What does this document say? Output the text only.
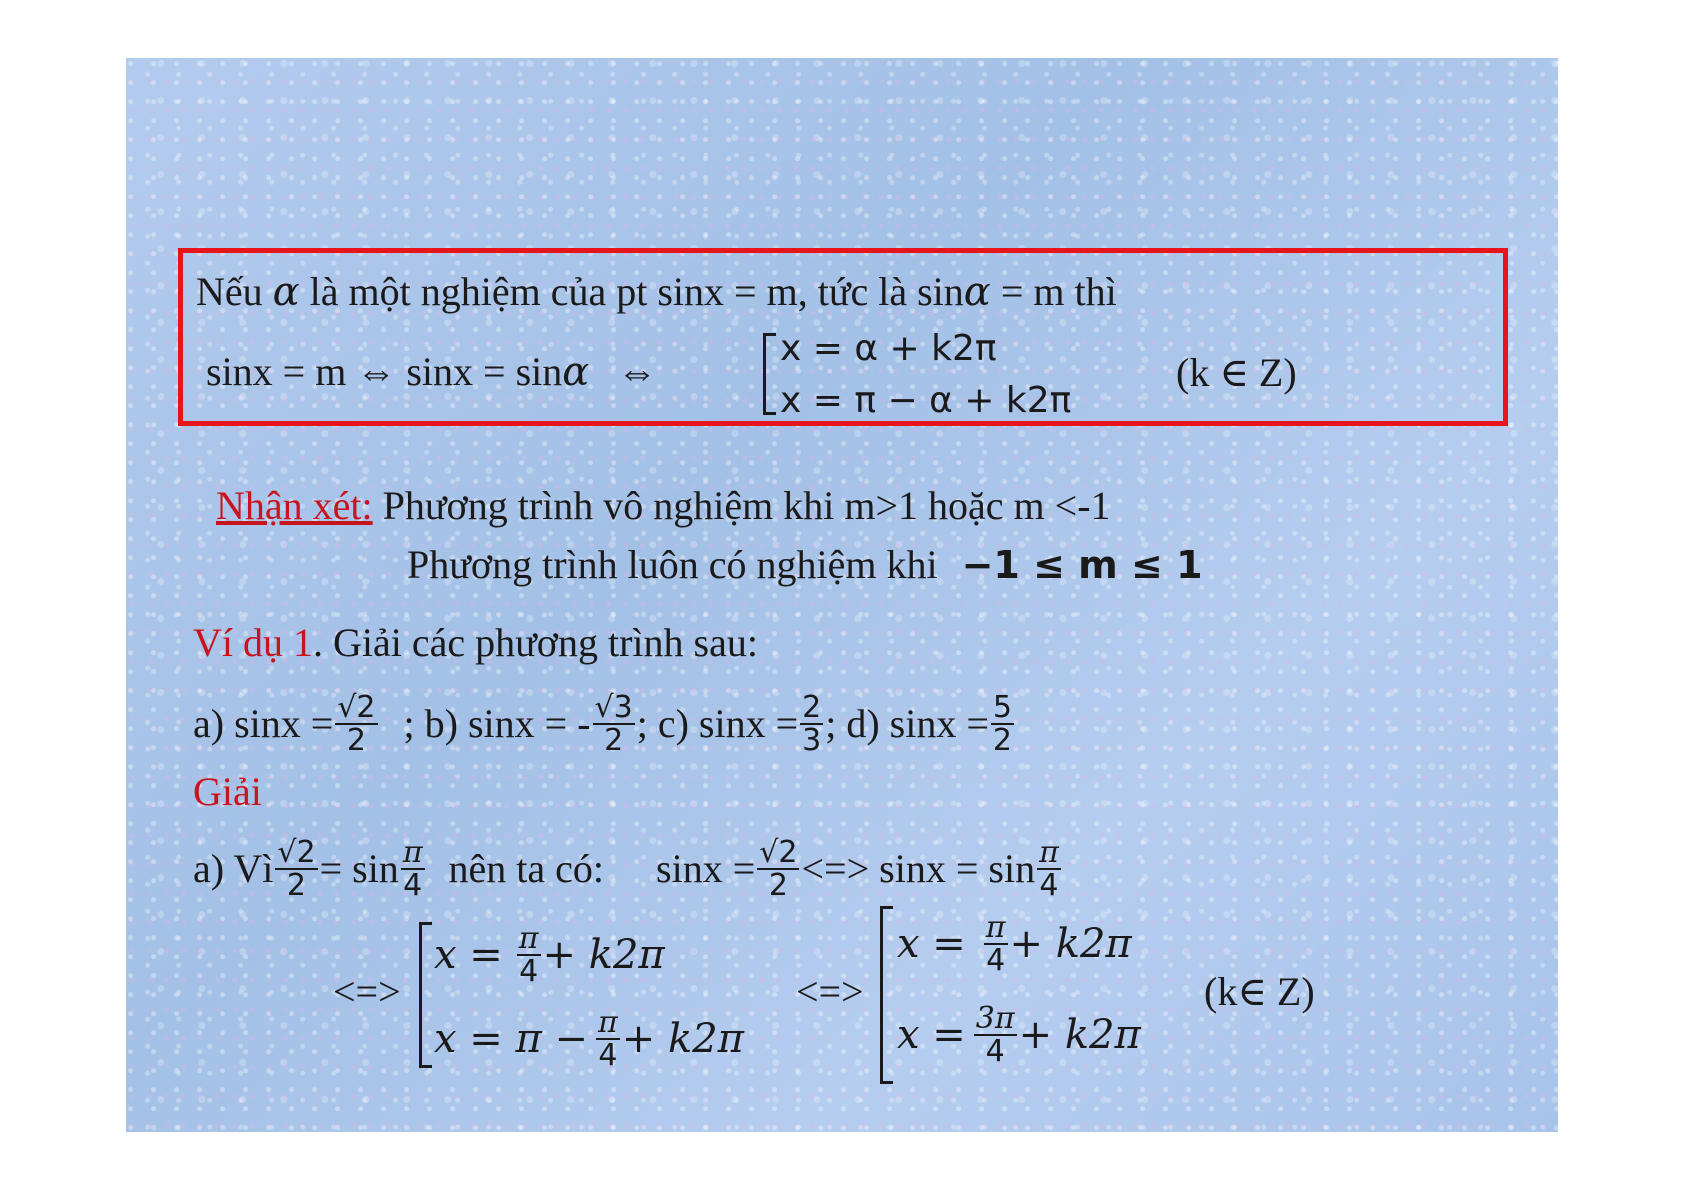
Nếu α là một nghiệm của pt sinx = m, tức là sinα = m thì
sinx = m ⇔ sinx = sinα ⇔
x = α + k2π
x = π − α + k2π
(k ∈ Z)
Nhận xét: Phương trình vô nghiệm khi m>1 hoặc m <-1
Phương trình luôn có nghiệm khi −1 ≤ m ≤ 1
Ví dụ 1. Giải các phương trình sau:
a) $\sin x = \frac{√2}{2}$ ; b) sinx = - $\frac{√3}{2}$ ; c) $\sin x = \frac{2}{3}$ ; d) $\sin x = \frac{5}{2}$
Giải
a) Vì $\frac{√2}{2} = \sin \frac{\pi}{4}$ nên ta có: $\sin x = \frac{√2}{2}$ <=> $\sin x = \sin \frac{\pi}{4}$
<=>
$x = \frac{\pi}{4} + k2\pi$
$x = \pi - \frac{\pi}{4} + k2\pi$
<=>
$x = \frac{\pi}{4} + k2\pi$
$x = \frac{3\pi}{4} + k2\pi$
(k∈ Z)
